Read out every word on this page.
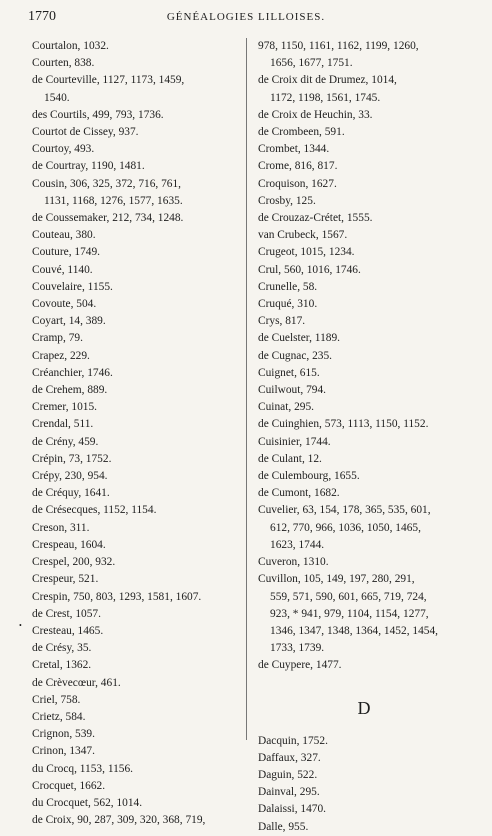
1770	GÉNÉALOGIES LILLOISES.
Courtalon, 1032.
Courten, 838.
de Courteville, 1127, 1173, 1459,
1540.
des Courtils, 499, 793, 1736.
Courtot de Cissey, 937.
Courtoy, 493.
de Courtray, 1190, 1481.
Cousin, 306, 325, 372, 716, 761,
1131, 1168, 1276, 1577, 1635.
de Coussemaker, 212, 734, 1248.
Couteau, 380.
Couture, 1749.
Couvé, 1140.
Couvelaire, 1155.
Covoute, 504.
Coyart, 14, 389.
Cramp, 79.
Crapez, 229.
Créanchier, 1746.
de Crehem, 889.
Cremer, 1015.
Crendal, 511.
de Crény, 459.
Crépin, 73, 1752.
Crépy, 230, 954.
de Créquy, 1641.
de Crésecques, 1152, 1154.
Creson, 311.
Crespeau, 1604.
Crespel, 200, 932.
Crespeur, 521.
Crespin, 750, 803, 1293, 1581, 1607.
de Crest, 1057.
Cresteau, 1465.
de Crésy, 35.
Cretal, 1362.
de Crèvecœur, 461.
Criel, 758.
Crietz, 584.
Crignon, 539.
Crinon, 1347.
du Crocq, 1153, 1156.
Crocquet, 1662.
du Crocquet, 562, 1014.
de Croix, 90, 287, 309, 320, 368, 719,
978, 1150, 1161, 1162, 1199, 1260,
1656, 1677, 1751.
de Croix dit de Drumez, 1014,
1172, 1198, 1561, 1745.
de Croix de Heuchin, 33.
de Crombeen, 591.
Crombet, 1344.
Crome, 816, 817.
Croquison, 1627.
Crosby, 125.
de Crouzaz-Crétet, 1555.
van Crubeck, 1567.
Crugeot, 1015, 1234.
Crul, 560, 1016, 1746.
Crunelle, 58.
Cruqué, 310.
Crys, 817.
de Cuelster, 1189.
de Cugnac, 235.
Cuignet, 615.
Cuilwout, 794.
Cuinat, 295.
de Cuinghien, 573, 1113, 1150, 1152.
Cuisinier, 1744.
de Culant, 12.
de Culembourg, 1655.
de Cumont, 1682.
Cuvelier, 63, 154, 178, 365, 535, 601,
612, 770, 966, 1036, 1050, 1465,
1623, 1744.
Cuveron, 1310.
Cuvillon, 105, 149, 197, 280, 291,
559, 571, 590, 601, 665, 719, 724,
923, * 941, 979, 1104, 1154, 1277,
1346, 1347, 1348, 1364, 1452, 1454,
1733, 1739.
de Cuypere, 1477.
D
Dacquin, 1752.
Daffaux, 327.
Daguin, 522.
Dainval, 295.
Dalaissi, 1470.
Dalle, 955.
•
